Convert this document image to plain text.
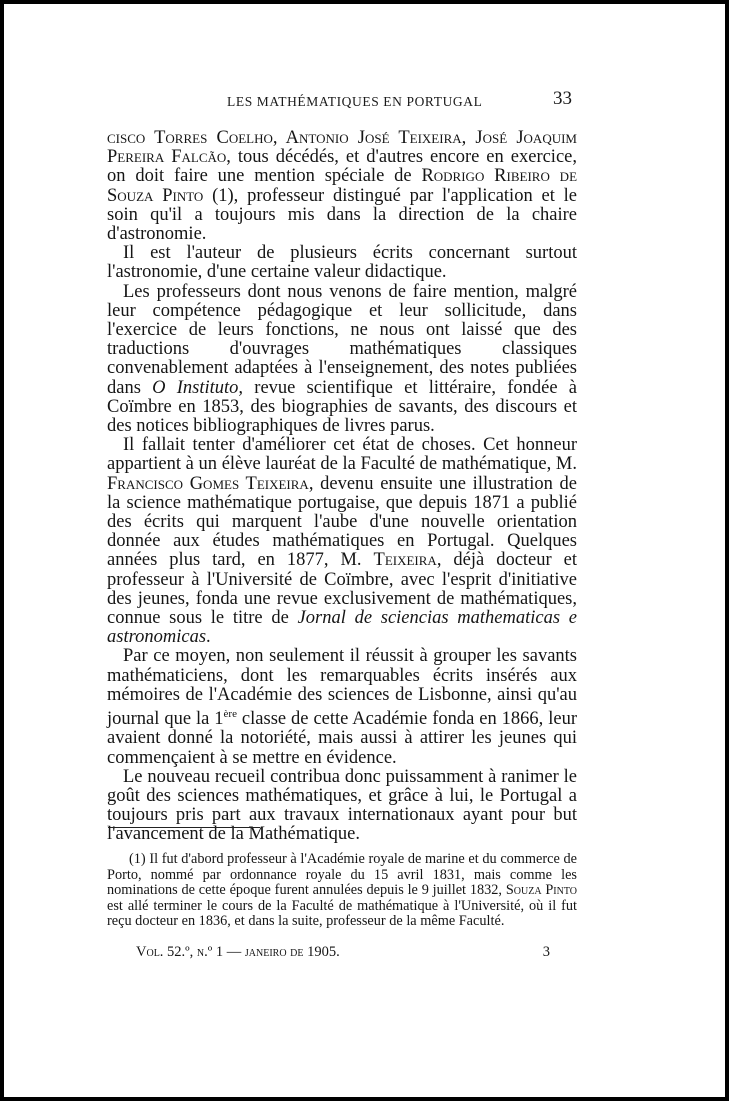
LES MATHÉMATIQUES EN PORTUGAL	33

cisco Torres Coelho, Antonio José Teixeira, José Joaquim Pereira Falcão, tous décédés, et d'autres encore en exercice, on doit faire une mention spéciale de Rodrigo Ribeiro de Souza Pinto (1), professeur distingué par l'application et le soin qu'il a toujours mis dans la direction de la chaire d'astronomie.

Il est l'auteur de plusieurs écrits concernant surtout l'astronomie, d'une certaine valeur didactique.

Les professeurs dont nous venons de faire mention, malgré leur compétence pédagogique et leur sollicitude, dans l'exercice de leurs fonctions, ne nous ont laissé que des traductions d'ouvrages mathématiques classiques convenablement adaptées à l'enseignement, des notes publiées dans O Instituto, revue scientifique et littéraire, fondée à Coïmbre en 1853, des biographies de savants, des discours et des notices bibliographiques de livres parus.

Il fallait tenter d'améliorer cet état de choses. Cet honneur appartient à un élève lauréat de la Faculté de mathématique, M. Francisco Gomes Teixeira, devenu ensuite une illustration de la science mathématique portugaise, que depuis 1871 a publié des écrits qui marquent l'aube d'une nouvelle orientation donnée aux études mathématiques en Portugal. Quelques années plus tard, en 1877, M. Teixeira, déjà docteur et professeur à l'Université de Coïmbre, avec l'esprit d'initiative des jeunes, fonda une revue exclusivement de mathématiques, connue sous le titre de Jornal de sciencias mathematicas e astronomicas.

Par ce moyen, non seulement il réussit à grouper les savants mathématiciens, dont les remarquables écrits insérés aux mémoires de l'Académie des sciences de Lisbonne, ainsi qu'au journal que la 1ère classe de cette Académie fonda en 1866, leur avaient donné la notoriété, mais aussi à attirer les jeunes qui commençaient à se mettre en évidence.

Le nouveau recueil contribua donc puissamment à ranimer le goût des sciences mathématiques, et grâce à lui, le Portugal a toujours pris part aux travaux internationaux ayant pour but l'avancement de la Mathématique.

(1) Il fut d'abord professeur à l'Académie royale de marine et du commerce de Porto, nommé par ordonnance royale du 15 avril 1831, mais comme les nominations de cette époque furent annulées depuis le 9 juillet 1832, Souza Pinto est allé terminer le cours de la Faculté de mathématique à l'Université, où il fut reçu docteur en 1836, et dans la suite, professeur de la même Faculté.

Vol. 52.º, n.º 1 — janeiro de 1905.	3
